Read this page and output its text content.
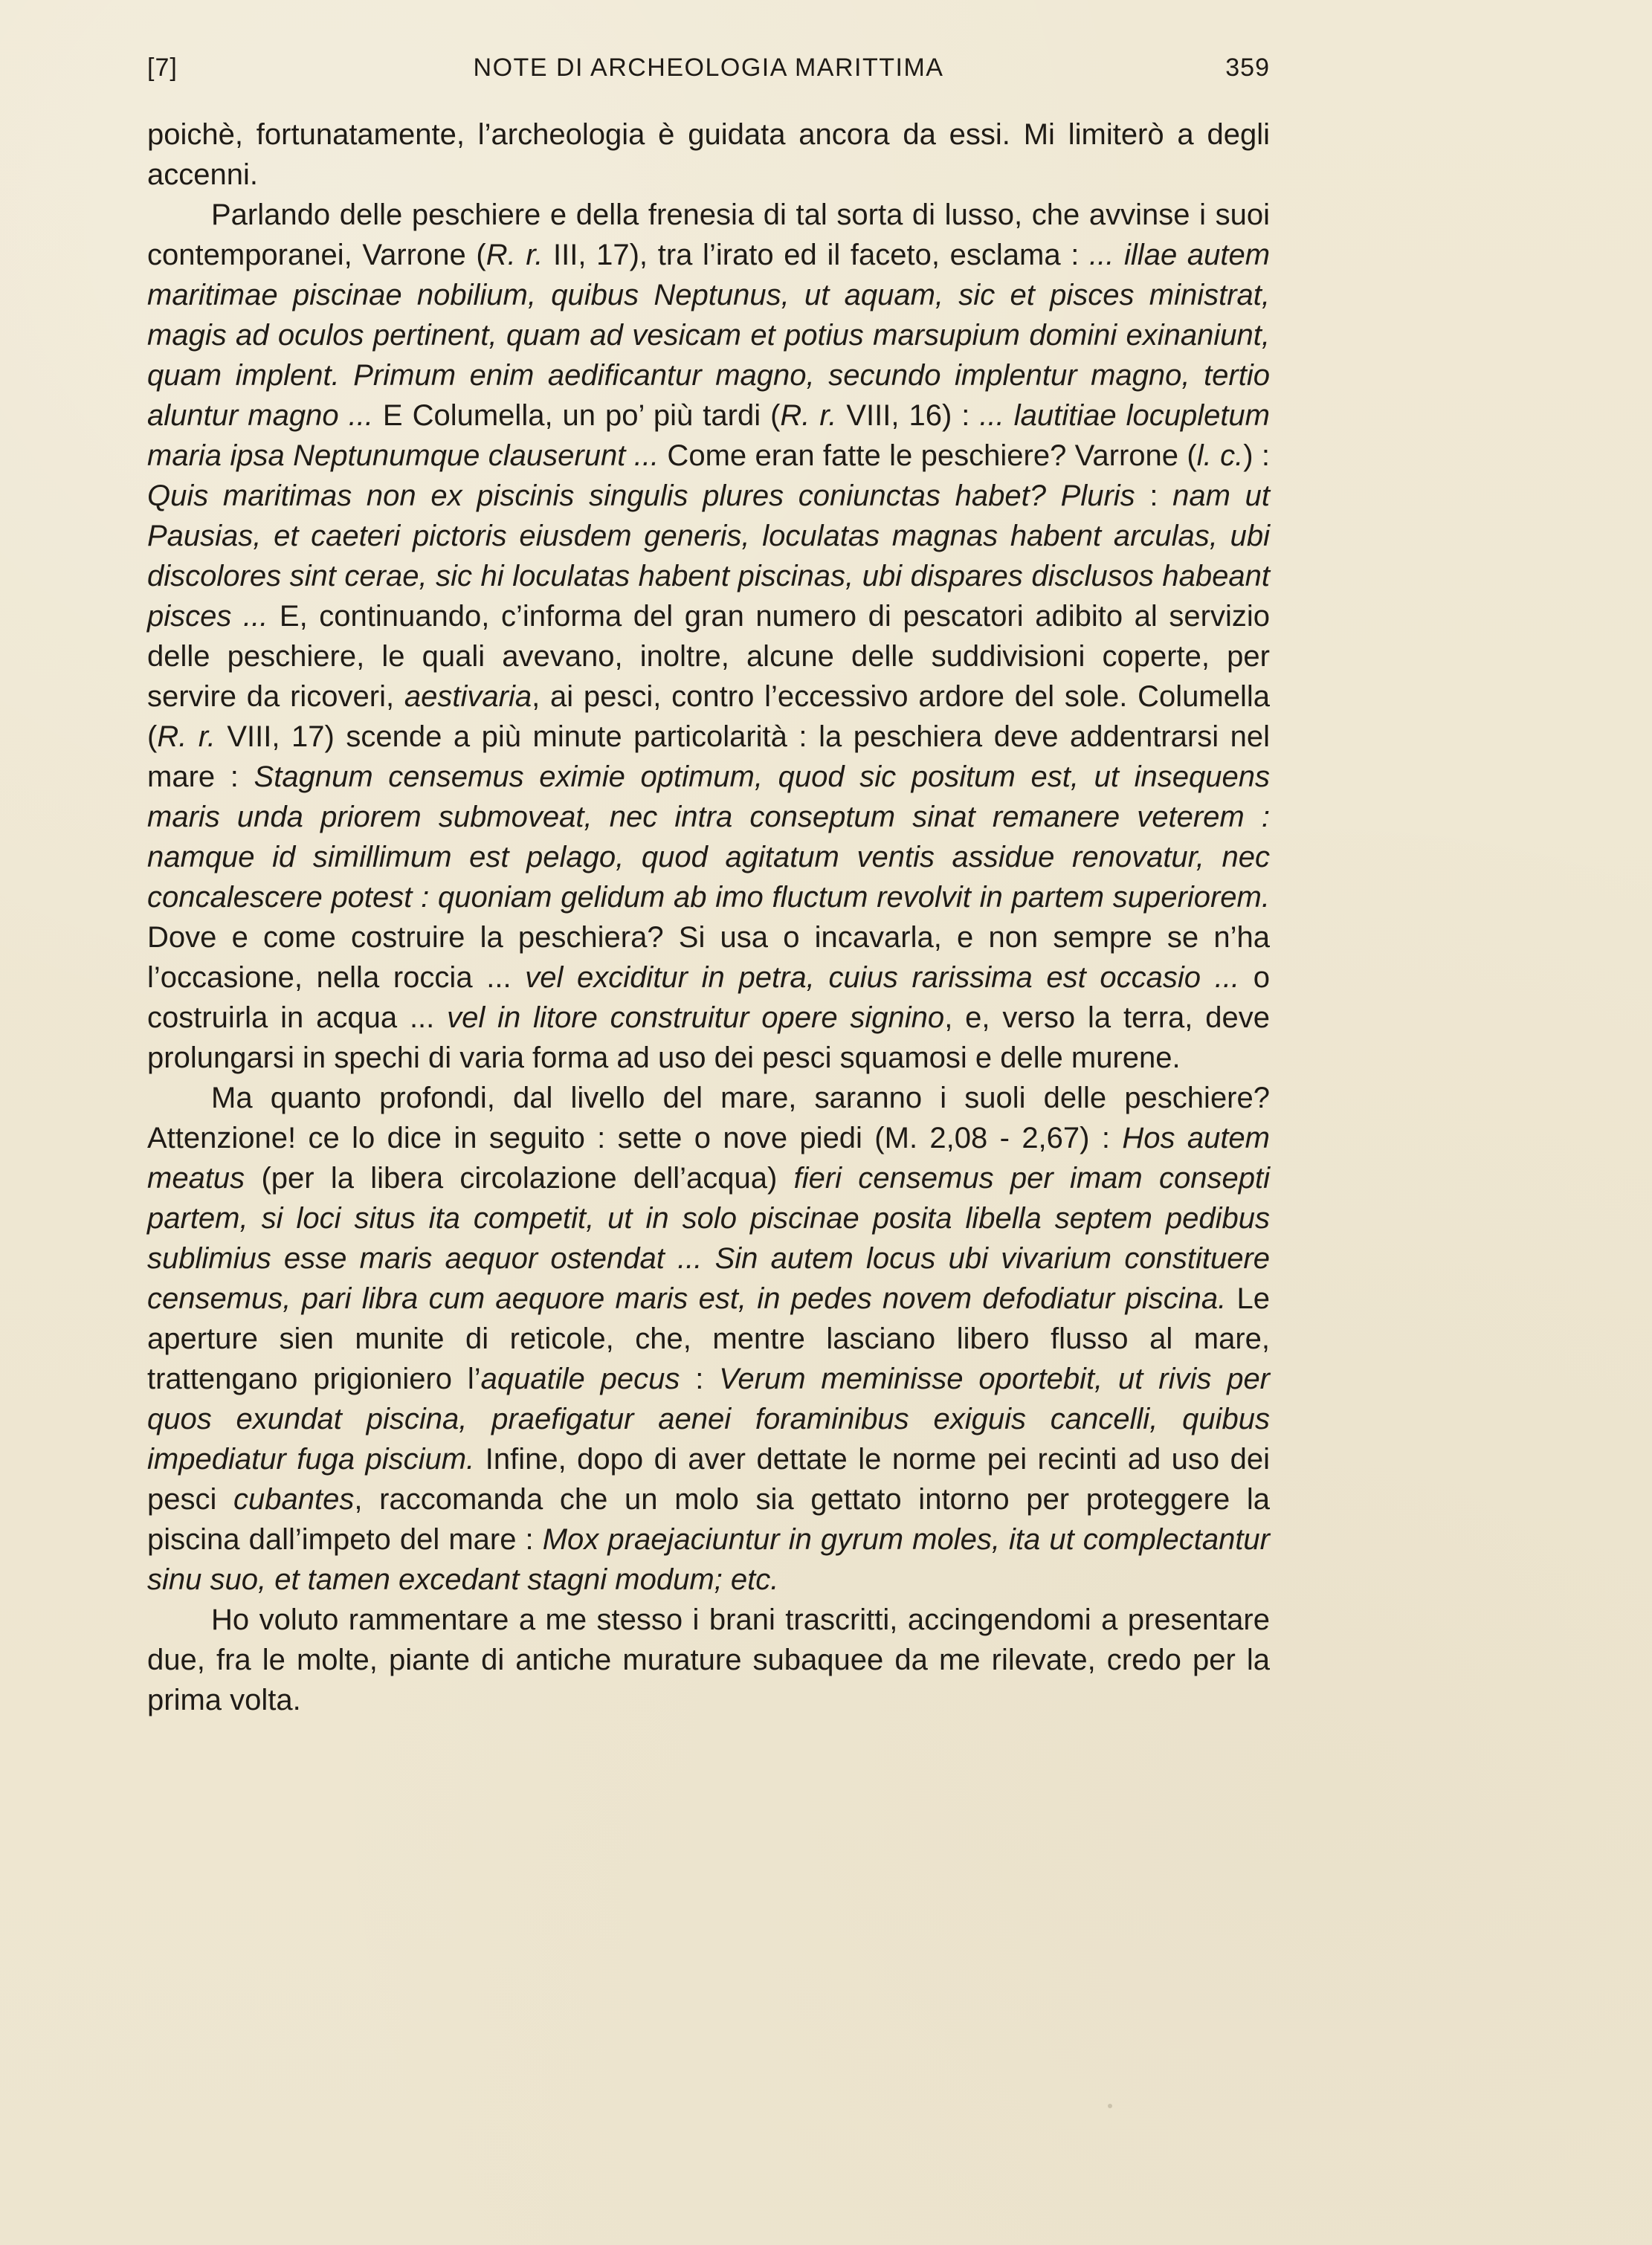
[7]	NOTE DI ARCHEOLOGIA MARITTIMA	359

poichè, fortunatamente, l’archeologia è guidata ancora da essi. Mi limiterò a degli accenni.

Parlando delle peschiere e della frenesia di tal sorta di lusso, che avvinse i suoi contemporanei, Varrone (R. r. III, 17), tra l’irato ed il faceto, esclama : ... illae autem maritimae piscinae nobilium, quibus Neptunus, ut aquam, sic et pisces ministrat, magis ad oculos pertinent, quam ad vesicam et potius marsupium domini exinaniunt, quam implent. Primum enim aedificantur magno, secundo implentur magno, tertio aluntur magno ... E Columella, un po’ più tardi (R. r. VIII, 16) : ... lautitiae locupletum maria ipsa Neptunumque clauserunt ... Come eran fatte le peschiere? Varrone (l. c.) : Quis maritimas non ex piscinis singulis plures coniunctas habet? Pluris : nam ut Pausias, et caeteri pictoris eiusdem generis, loculatas magnas habent arculas, ubi discolores sint cerae, sic hi loculatas habent piscinas, ubi dispares disclusos habeant pisces ... E, continuando, c’informa del gran numero di pescatori adibito al servizio delle peschiere, le quali avevano, inoltre, alcune delle suddivisioni coperte, per servire da ricoveri, aestivaria, ai pesci, contro l’eccessivo ardore del sole. Columella (R. r. VIII, 17) scende a più minute particolarità : la peschiera deve addentrarsi nel mare : Stagnum censemus eximie optimum, quod sic positum est, ut insequens maris unda priorem submoveat, nec intra conseptum sinat remanere veterem : namque id simillimum est pelago, quod agitatum ventis assidue renovatur, nec concalescere potest : quoniam gelidum ab imo fluctum revolvit in partem superiorem. Dove e come costruire la peschiera? Si usa o incavarla, e non sempre se n’ha l’occasione, nella roccia ... vel exciditur in petra, cuius rarissima est occasio ... o costruirla in acqua ... vel in litore construitur opere signino, e, verso la terra, deve prolungarsi in spechi di varia forma ad uso dei pesci squamosi e delle murene.

Ma quanto profondi, dal livello del mare, saranno i suoli delle peschiere? Attenzione! ce lo dice in seguito : sette o nove piedi (M. 2,08 - 2,67) : Hos autem meatus (per la libera circolazione dell’acqua) fieri censemus per imam consepti partem, si loci situs ita competit, ut in solo piscinae posita libella septem pedibus sublimius esse maris aequor ostendat ... Sin autem locus ubi vivarium constituere censemus, pari libra cum aequore maris est, in pedes novem defodiatur piscina. Le aperture sien munite di reticole, che, mentre lasciano libero flusso al mare, trattengano prigioniero l’aquatile pecus : Verum meminisse oportebit, ut rivis per quos exundat piscina, praefigatur aenei foraminibus exiguis cancelli, quibus impediatur fuga piscium. Infine, dopo di aver dettate le norme pei recinti ad uso dei pesci cubantes, raccomanda che un molo sia gettato intorno per proteggere la piscina dall’impeto del mare : Mox praejaciuntur in gyrum moles, ita ut complectantur sinu suo, et tamen excedant stagni modum; etc.

Ho voluto rammentare a me stesso i brani trascritti, accingendomi a presentare due, fra le molte, piante di antiche murature subaquee da me rilevate, credo per la prima volta.
